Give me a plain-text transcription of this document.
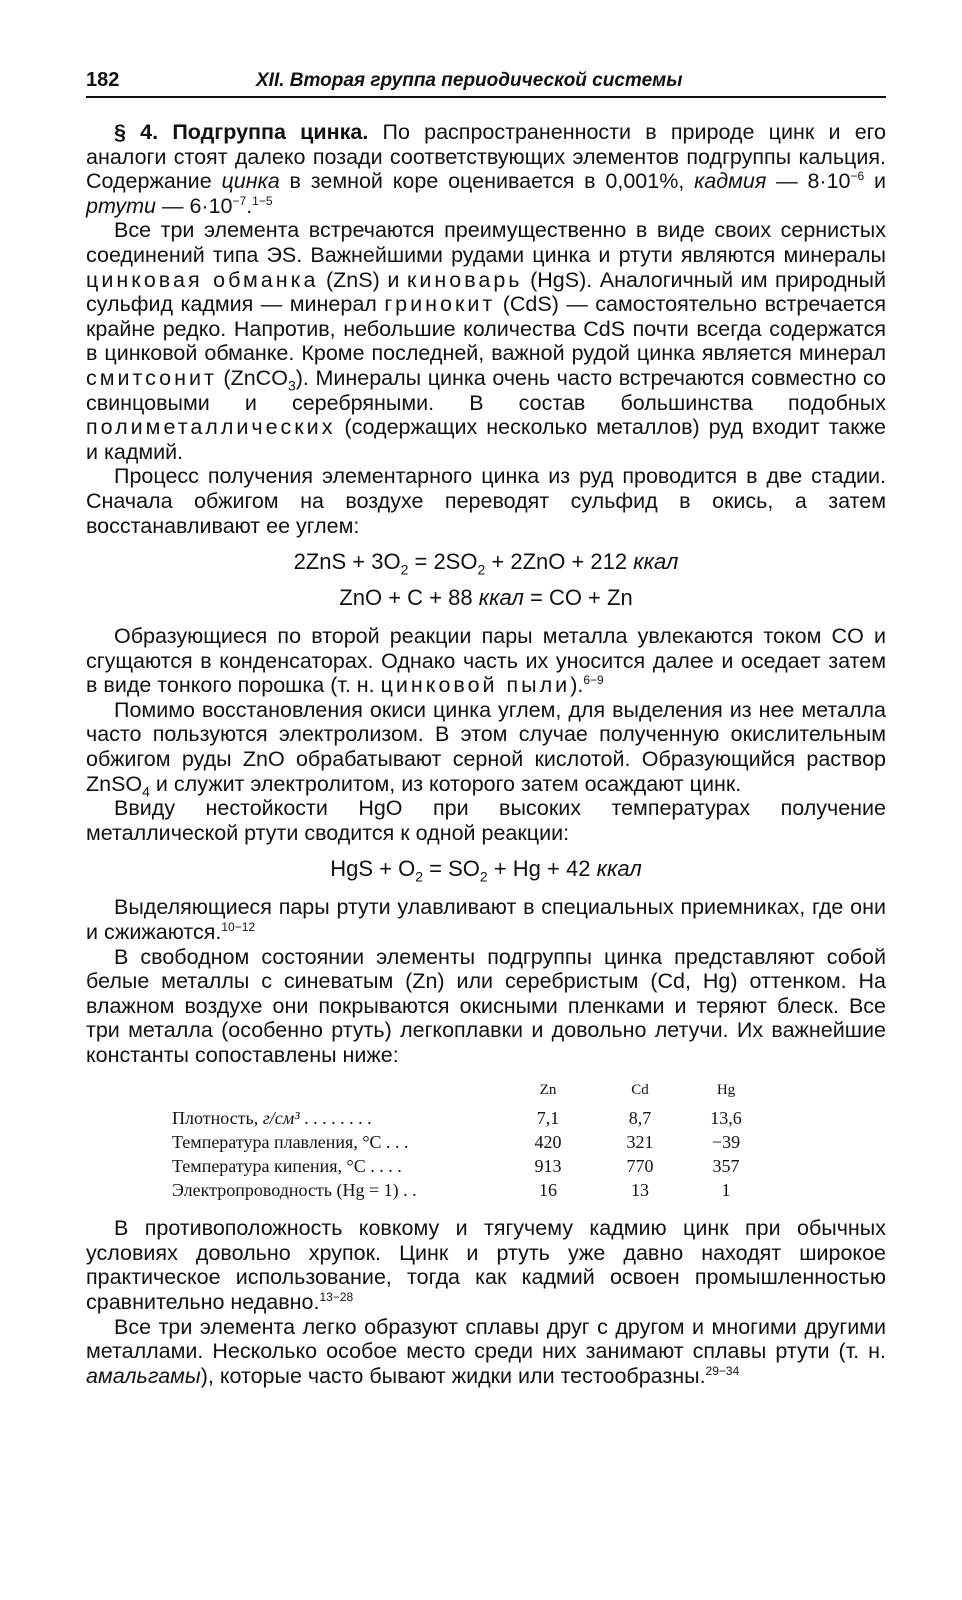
182	XII. Вторая группа периодической системы

§ 4. Подгруппа цинка. По распространенности в природе цинк и его аналоги стоят далеко позади соответствующих элементов подгруппы кальция. Содержание цинка в земной коре оценивается в 0,001%, кадмия — $8\cdot 10^{-6}$ и ртути — $6\cdot 10^{-7}.^{1-5}$

Все три элемента встречаются преимущественно в виде своих сернистых соединений типа ЭS. Важнейшими рудами цинка и ртути являются минералы цинковая обманка (ZnS) и киноварь (HgS). Аналогичный им природный сульфид кадмия — минерал гринокит (CdS) — самостоятельно встречается крайне редко. Напротив, небольшие количества CdS почти всегда содержатся в цинковой обманке. Кроме последней, важной рудой цинка является минерал смитсонит (ZnCO$_3$). Минералы цинка очень часто встречаются совместно со свинцовыми и серебряными. В состав большинства подобных полиметаллических (содержащих несколько металлов) руд входит также и кадмий.

Процесс получения элементарного цинка из руд проводится в две стадии. Сначала обжигом на воздухе переводят сульфид в окись, а затем восстанавливают ее углем:

$2ZnS + 3O_2 = 2SO_2 + 2ZnO + 212$ ккал
ZnO + C + 88 ккал = CO + Zn

Образующиеся по второй реакции пары металла увлекаются током CO и сгущаются в конденсаторах. Однако часть их уносится далее и оседает затем в виде тонкого порошка (т. н. цинковой пыли).$^{6-9}$

Помимо восстановления окиси цинка углем, для выделения из нее металла часто пользуются электролизом. В этом случае полученную окислительным обжигом руды ZnO обрабатывают серной кислотой. Образующийся раствор ZnSO$_4$ и служит электролитом, из которого затем осаждают цинк.

Ввиду нестойкости HgO при высоких температурах получение металлической ртути сводится к одной реакции:

HgS + $O_2 = SO_2 + Hg + 42$ ккал

Выделяющиеся пары ртути улавливают в специальных приемниках, где они и сжижаются.$^{10-12}$

В свободном состоянии элементы подгруппы цинка представляют собой белые металлы с синеватым (Zn) или серебристым (Cd, Hg) оттенком. На влажном воздухе они покрываются окисными пленками и теряют блеск. Все три металла (особенно ртуть) легкоплавки и довольно летучи. Их важнейшие константы сопоставлены ниже:

	Zn	Cd	Hg
Плотность, г/см³ . . . . . . . .	7,1	8,7	13,6
Температура плавления, °C . . .	420	321	−39
Температура кипения, °C . . . .	913	770	357
Электропроводность (Hg = 1) . .	16	13	1

В противоположность ковкому и тягучему кадмию цинк при обычных условиях довольно хрупок. Цинк и ртуть уже давно находят широкое практическое использование, тогда как кадмий освоен промышленностью сравнительно недавно.$^{13-28}$

Все три элемента легко образуют сплавы друг с другом и многими другими металлами. Несколько особое место среди них занимают сплавы ртути (т. н. амальгамы), которые часто бывают жидки или тестообразны.$^{29-34}$
